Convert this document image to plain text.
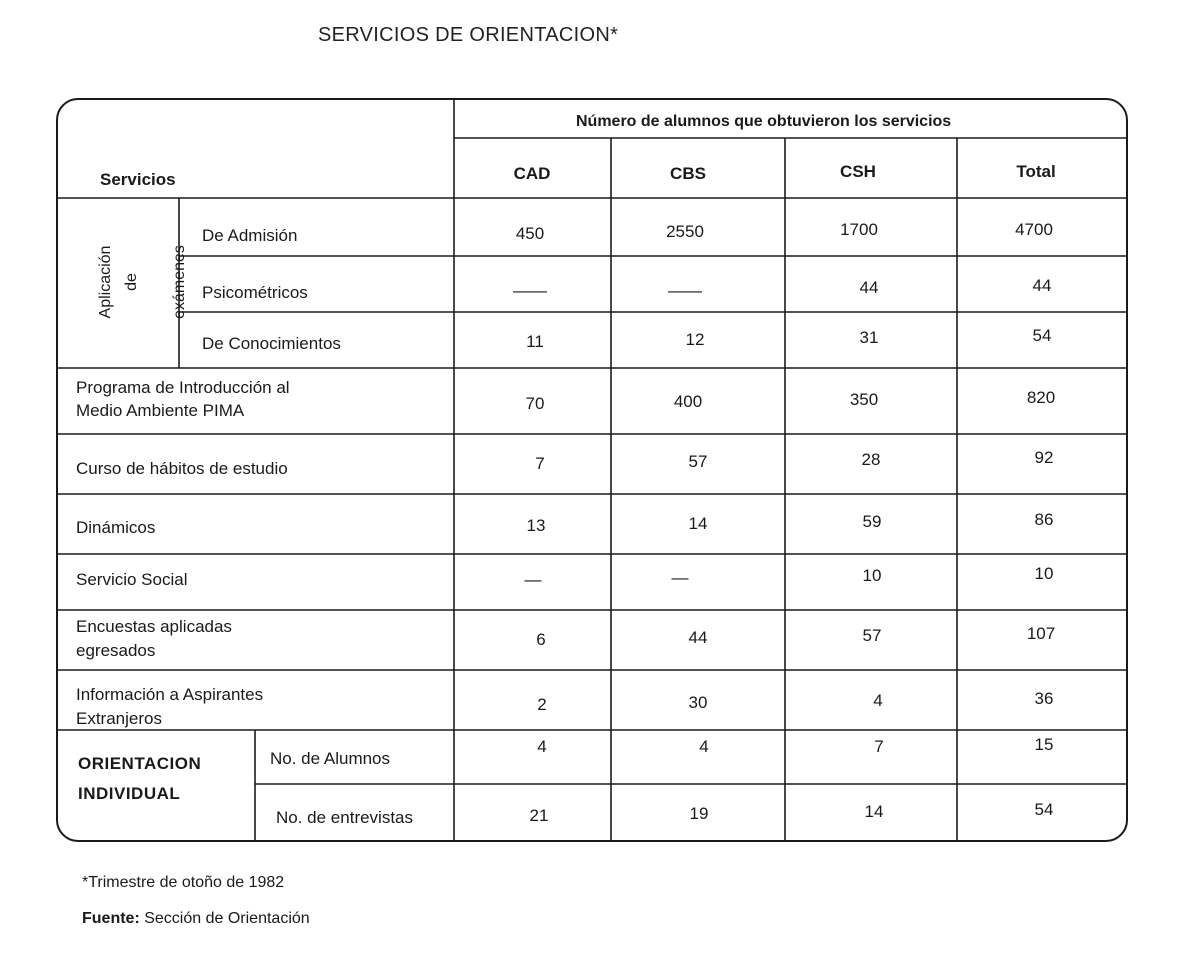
SERVICIOS DE ORIENTACION*
Número de alumnos que obtuvieron los servicios
Servicios	CAD	CBS	CSH	Total
Aplicación de exámenes
De Admisión	450	2550	1700	4700
Psicométricos	——	——	44	44
De Conocimientos	11	12	31	54
Programa de Introducción al
Medio Ambiente PIMA	70	400	350	820
Curso de hábitos de estudio	7	57	28	92
Dinámicos	13	14	59	86
Servicio Social	—	—	10	10
Encuestas aplicadas
egresados
6	44	57	107
Información a Aspirantes
Extranjeros
2	30	4	36
ORIENTACION
INDIVIDUAL
No. de Alumnos
4	4	7	15
No. de entrevistas	21	19	14	54
*Trimestre de otoño de 1982
Fuente: Sección de Orientación
